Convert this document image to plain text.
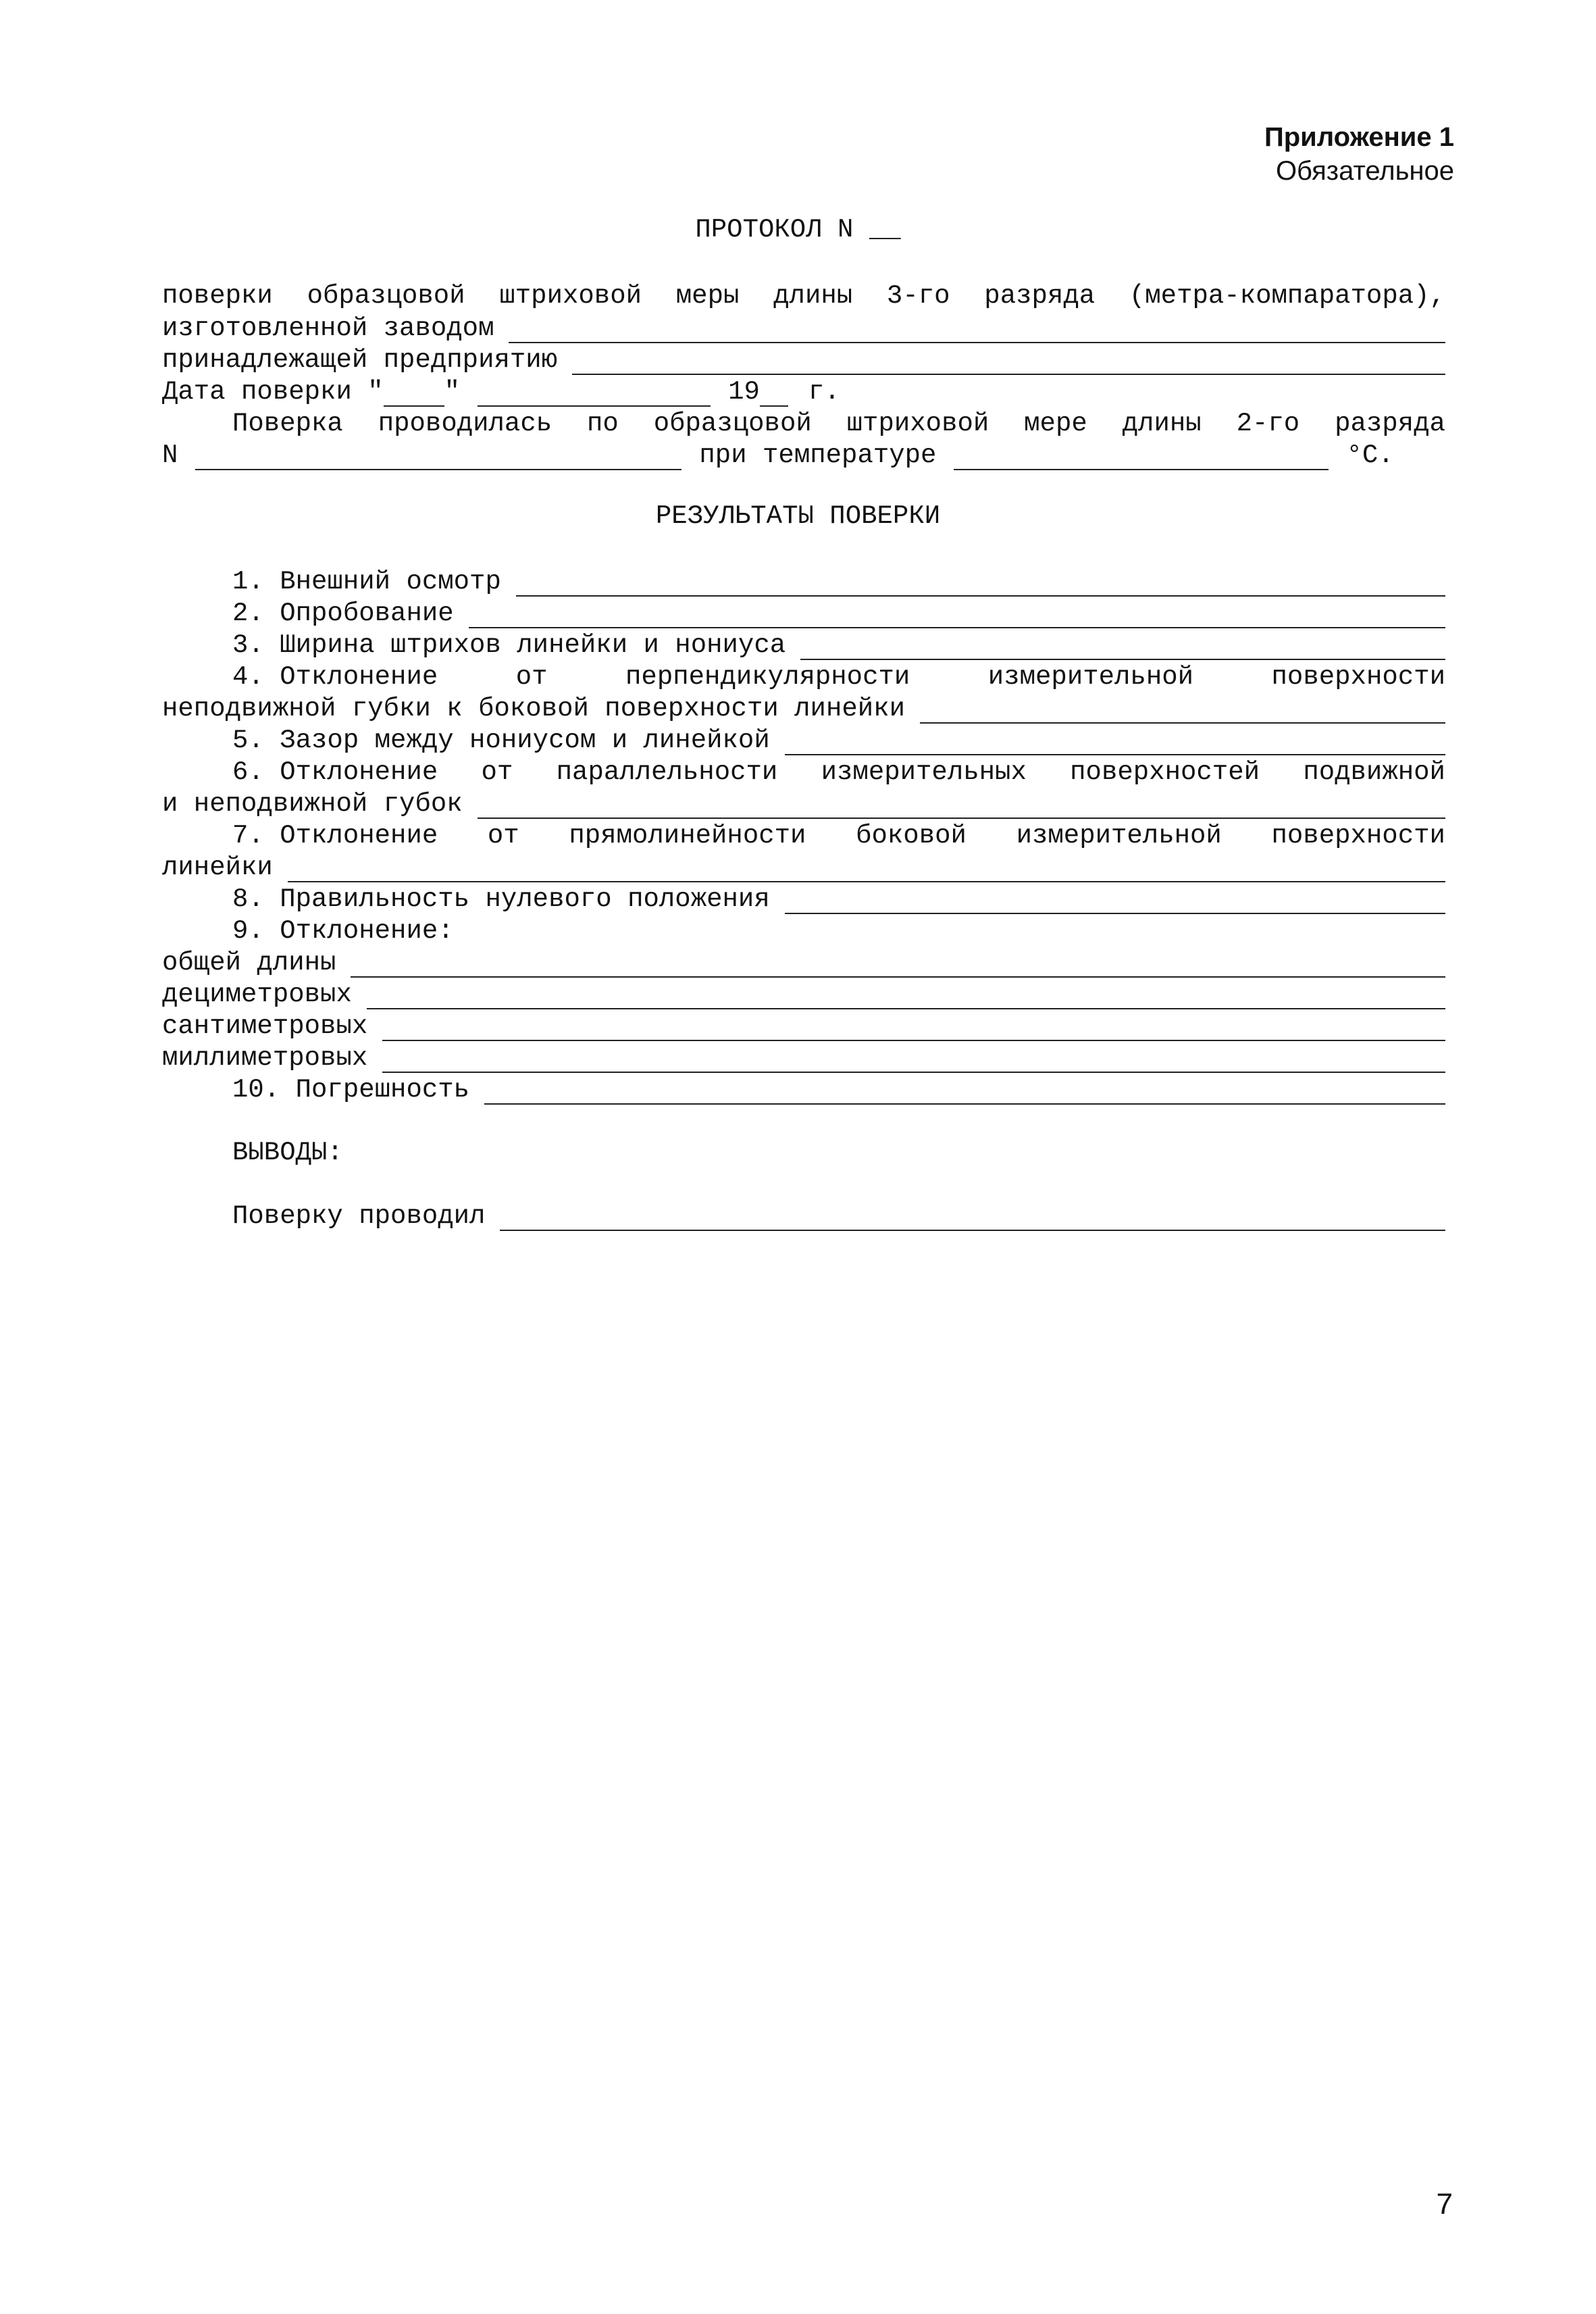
Приложение 1
Обязательное
ПРОТОКОЛ N __
поверки образцовой штриховой меры длины 3-го разряда (метра-компаратора),
изготовленной заводом
принадлежащей предприятию
Дата поверки " "	19 г.
Поверка проводилась по образцовой штриховой мере длины 2-го разряда
N	при температуре	°С.
РЕЗУЛЬТАТЫ ПОВЕРКИ
1. Внешний осмотр
2. Опробование
3. Ширина штрихов линейки и нониуса
4. Отклонение	от	перпендикулярности	измерительной	поверхности
неподвижной губки к боковой поверхности линейки
5. Зазор между нониусом и линейкой
6. Отклонение от параллельности измерительных поверхностей подвижной
и неподвижной губок
7. Отклонение от прямолинейности боковой измерительной поверхности
линейки
8. Правильность нулевого положения
9. Отклонение:
общей длины
дециметровых
сантиметровых
миллиметровых
10. Погрешность
ВЫВОДЫ:
Поверку проводил
7
